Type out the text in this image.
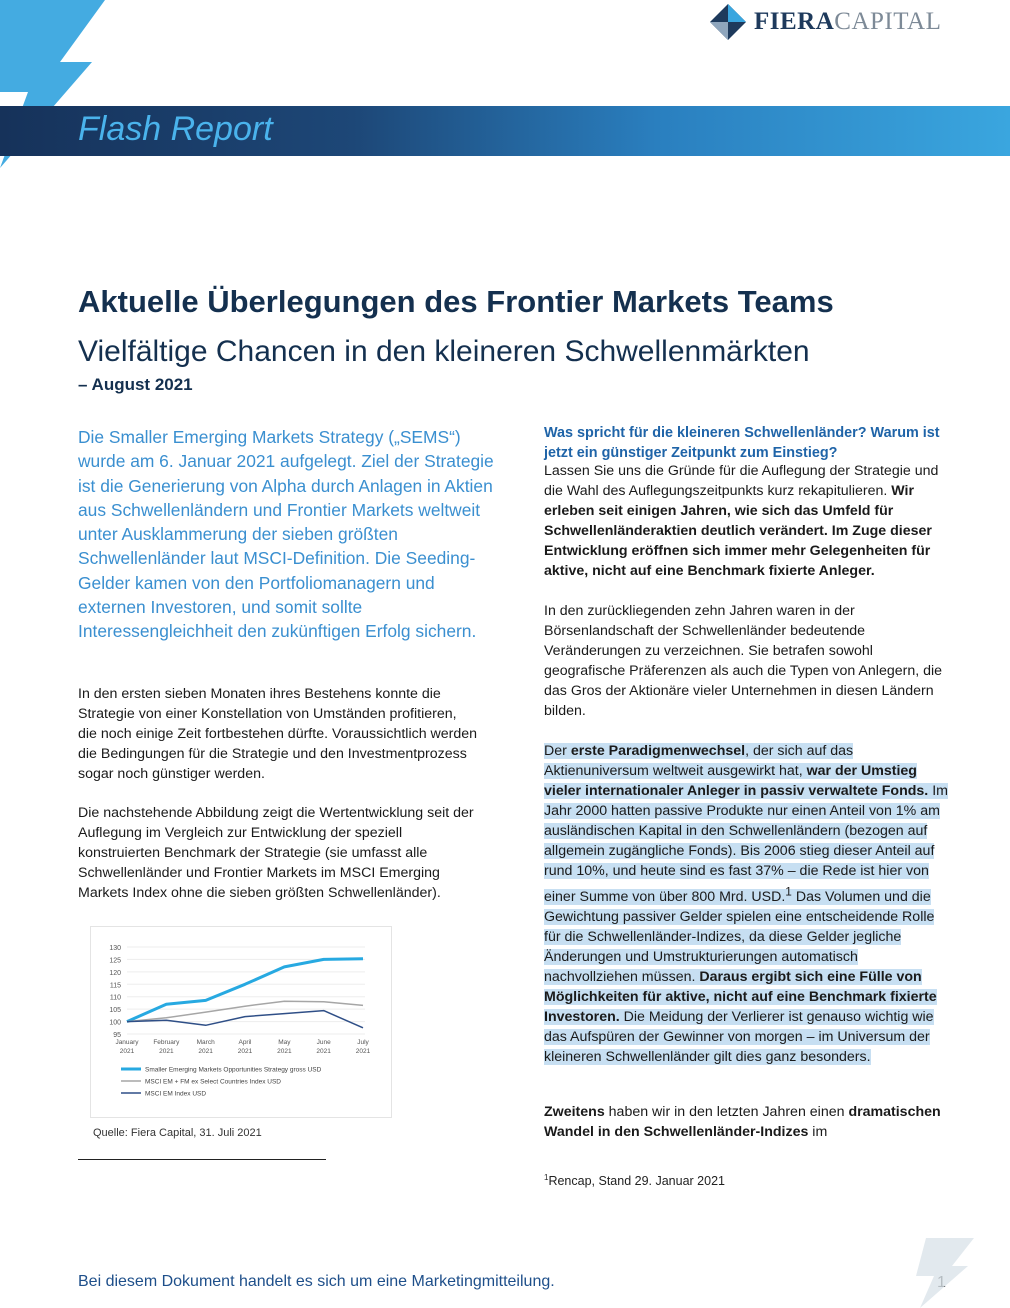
FIERACAPITAL
Flash Report
Aktuelle Überlegungen des Frontier Markets Teams
Vielfältige Chancen in den kleineren Schwellenmärkten
– August 2021
Die Smaller Emerging Markets Strategy („SEMS“) wurde am 6. Januar 2021 aufgelegt. Ziel der Strategie ist die Generierung von Alpha durch Anlagen in Aktien aus Schwellenländern und Frontier Markets weltweit unter Ausklammerung der sieben größten Schwellenländer laut MSCI-Definition. Die Seeding- Gelder kamen von den Portfoliomanagern und externen Investoren, und somit sollte Interessengleichheit den zukünftigen Erfolg sichern.

In den ersten sieben Monaten ihres Bestehens konnte die Strategie von einer Konstellation von Umständen profitieren, die noch einige Zeit fortbestehen dürfte. Voraussichtlich werden die Bedingungen für die Strategie und den Investmentprozess sogar noch günstiger werden.

Die nachstehende Abbildung zeigt die Wertentwicklung seit der Auflegung im Vergleich zur Entwicklung der speziell konstruierten Benchmark der Strategie (sie umfasst alle Schwellenländer und Frontier Markets im MSCI Emerging Markets Index ohne die sieben größten Schwellenländer).

95
100
105
110
115
120
125
130
January
2021
February
2021
March
2021
April
2021
May
2021
June
2021
July
2021
Smaller Emerging Markets Opportunities Strategy gross USD
MSCI EM + FM ex Select Countries Index USD
MSCI EM Index USD
Quelle: Fiera Capital, 31. Juli 2021
Was spricht für die kleineren Schwellenländer? Warum ist jetzt ein günstiger Zeitpunkt zum Einstieg?

Lassen Sie uns die Gründe für die Auflegung der Strategie und die Wahl des Auflegungszeitpunkts kurz rekapitulieren. Wir erleben seit einigen Jahren, wie sich das Umfeld für Schwellenländeraktien deutlich verändert. Im Zuge dieser Entwicklung eröffnen sich immer mehr Gelegenheiten für aktive, nicht auf eine Benchmark fixierte Anleger.

In den zurückliegenden zehn Jahren waren in der Börsenlandschaft der Schwellenländer bedeutende Veränderungen zu verzeichnen. Sie betrafen sowohl geografische Präferenzen als auch die Typen von Anlegern, die das Gros der Aktionäre vieler Unternehmen in diesen Ländern bilden.

Der erste Paradigmenwechsel, der sich auf das Aktienuniversum weltweit ausgewirkt hat, war der Umstieg vieler internationaler Anleger in passiv verwaltete Fonds. Im Jahr 2000 hatten passive Produkte nur einen Anteil von 1% am ausländischen Kapital in den Schwellenländern (bezogen auf allgemein zugängliche Fonds). Bis 2006 stieg dieser Anteil auf rund 10%, und heute sind es fast 37% – die Rede ist hier von einer Summe von über 800 Mrd. USD.$^1$ Das Volumen und die Gewichtung passiver Gelder spielen eine entscheidende Rolle für die Schwellenländer-Indizes, da diese Gelder jegliche Änderungen und Umstrukturierungen automatisch nachvollziehen müssen. Daraus ergibt sich eine Fülle von Möglichkeiten für aktive, nicht auf eine Benchmark fixierte Investoren. Die Meidung der Verlierer ist genauso wichtig wie das Aufspüren der Gewinner von morgen – im Universum der kleineren Schwellenländer gilt dies ganz besonders.

Zweitens haben wir in den letzten Jahren einen dramatischen Wandel in den Schwellenländer-Indizes im

$^1$Rencap, Stand 29. Januar 2021
Bei diesem Dokument handelt es sich um eine Marketingmitteilung.
